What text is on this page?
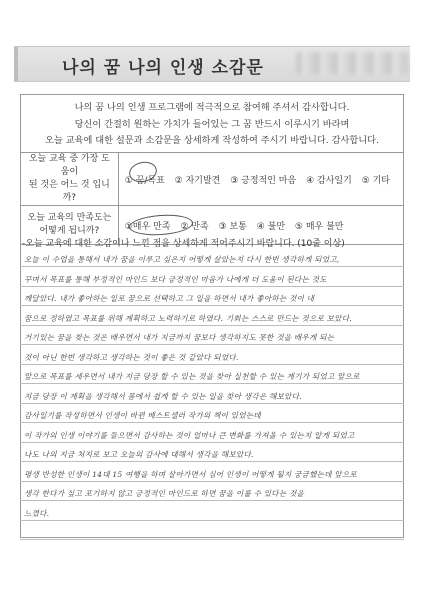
나의 꿈 나의 인생 소감문
나의 꿈 나의 인생 프로그램에 적극적으로 참여해 주셔서 감사합니다.
당신이 간절히 원하는 가치가 들어있는 그 꿈 반드시 이루시기 바라며
오늘 교육에 대한 설문과 소감문을 상세하게 작성하여 주시기 바랍니다. 감사합니다.
오늘 교육 중 가장 도움이
된 것은 어느 것 입니까?	① 꿈/목표 ② 자기발견 ③ 긍정적인 마음 ④ 감사일기 ⑤ 기타

오늘 교육의 만족도는
어떻게 됩니까?	①매우 만족 ② 만족 ③ 보통 ④ 불만 ⑤ 매우 불만
-오늘 교육에 대한 소감이나 느낀 점을 상세하게 적어주시기 바랍니다. (10줄 이상)
오늘 이 수업을 통해서 내가 꿈을 이루고 싶은지 어떻게 살았는지 다시 한번 생각하게 되었고,
꾸며서 목표를 통해 부정적인 마인드 보다 긍정적인 마음가 나에게 더 도움이 된다는 것도
깨달았다. 내가 좋아하는 일로 꿈으로 선택하고 그 일을 하면서 내가 좋아하는 것이 내
꿈으로 정하였고 목표를 위해 계획하고 노력하기로 하였다. 기회는 스스로 만드는 것으로 보았다.
거기있는 꿈을 찾는 것은 배우면서 내가 지금까지 꿈보다 생각하지도 못한 것을 배우게 되는
것이 아닌 한번 생각하고 생각하는 것이 좋은 것 같았다 되었다.
앞으로 목표를 세우면서 내가 지금 당장 할 수 있는 것을 찾아 실천할 수 있는 계기가 되었고 앞으로
지금 당장 이 계획을 생각해서 몸에서 쉽게 할 수 있는 일을 찾아 생각은 해보았다.
감사일기를 작성하면서 인생이 바뀐 베스트셀러 작가의 책이 있었는데
이 작가의 인생 이야기를 들으면서 감사하는 것이 얼마나 큰 변화를 가져올 수 있는지 알게 되었고
나도 나의 지금 처지로 보고 오늘의 감사에 대해서 생각을 해보았다.
평생 반성한 인생이 14대 15 여행을 하며 살아가면서 심어 인생이 어떻게 될지 궁금했는데 앞으로
생각 한다가 싶고 포기하지 않고 긍정적인 마인드로 하면 꿈을 이룰 수 있다는 것을
느꼈다.
